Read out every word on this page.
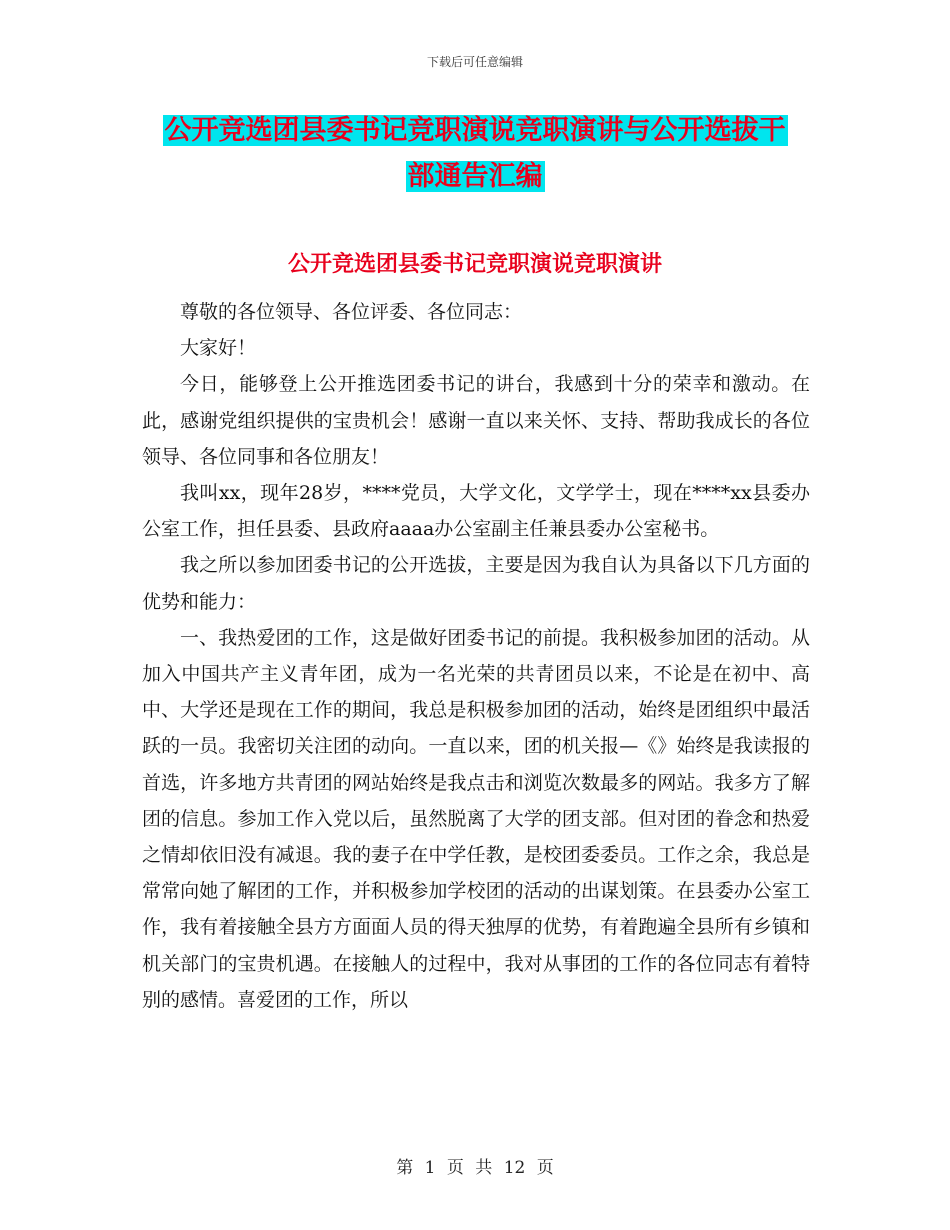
下载后可任意编辑
公开竞选团县委书记竞职演说竞职演讲与公开选拔干
部通告汇编
公开竞选团县委书记竞职演说竞职演讲

尊敬的各位领导、各位评委、各位同志：

大家好！

今日，能够登上公开推选团委书记的讲台，我感到十分的荣幸和激动。在此，感谢党组织提供的宝贵机会！感谢一直以来关怀、支持、帮助我成长的各位领导、各位同事和各位朋友！

我叫xx，现年28岁，****党员，大学文化，文学学士，现在****xx县委办公室工作，担任县委、县政府aaaa办公室副主任兼县委办公室秘书。

我之所以参加团委书记的公开选拔，主要是因为我自认为具备以下几方面的优势和能力：

一、我热爱团的工作，这是做好团委书记的前提。我积极参加团的活动。从加入中国共产主义青年团，成为一名光荣的共青团员以来，不论是在初中、高中、大学还是现在工作的期间，我总是积极参加团的活动，始终是团组织中最活跃的一员。我密切关注团的动向。一直以来，团的机关报—《》始终是我读报的首选，许多地方共青团的网站始终是我点击和浏览次数最多的网站。我多方了解团的信息。参加工作入党以后，虽然脱离了大学的团支部。但对团的眷念和热爱之情却依旧没有减退。我的妻子在中学任教，是校团委委员。工作之余，我总是常常向她了解团的工作，并积极参加学校团的活动的出谋划策。在县委办公室工作，我有着接触全县方方面面人员的得天独厚的优势，有着跑遍全县所有乡镇和机关部门的宝贵机遇。在接触人的过程中，我对从事团的工作的各位同志有着特别的感情。喜爱团的工作，所以

第 1 页 共 12 页
